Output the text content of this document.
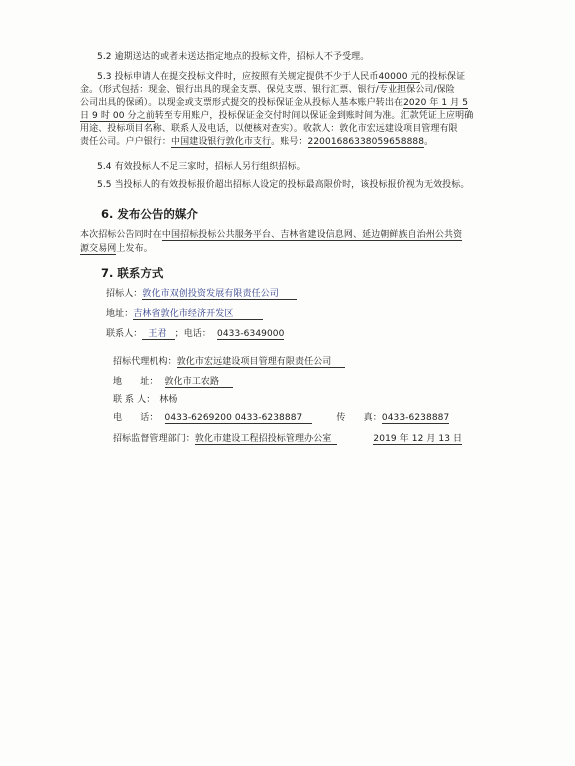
5.2 逾期送达的或者未送达指定地点的投标文件，招标人不予受理。
5.3 投标申请人在提交投标文件时，应按照有关规定提供不少于人民币40000 元的投标保证
金。（形式包括：现金、银行出具的现金支票、保兑支票、银行汇票、银行/专业担保公司/保险
公司出具的保函）。以现金或支票形式提交的投标保证金从投标人基本账户转出在2020 年 1 月 5
日 9 时 00 分之前转至专用账户，投标保证金交付时间以保证金到账时间为准。汇款凭证上应明确
用途、投标项目名称、联系人及电话，以便核对查实）。收款人：敦化市宏远建设项目管理有限
责任公司。户户银行：中国建设银行敦化市支行。账号：22001686338059658888。
5.4 有效投标人不足三家时，招标人另行组织招标。
5.5 当投标人的有效投标报价超出招标人设定的投标最高限价时，该投标报价视为无效投标。
6. 发布公告的媒介
本次招标公告同时在中国招标投标公共服务平台、吉林省建设信息网、延边朝鲜族自治州公共资
源交易网上发布。
7. 联系方式
招标人：敦化市双创投资发展有限责任公司
地址：吉林省敦化市经济开发区
联系人： 王君 ；电话： 0433-6349000
招标代理机构：敦化市宏远建设项目管理有限责任公司
地　　址： 敦化市工农路
联 系 人： 林杨
电　　话： 0433-6269200 0433-6238887	传　　真：0433-6238887
招标监督管理部门：敦化市建设工程招投标管理办公室	2019 年 12 月 13 日
